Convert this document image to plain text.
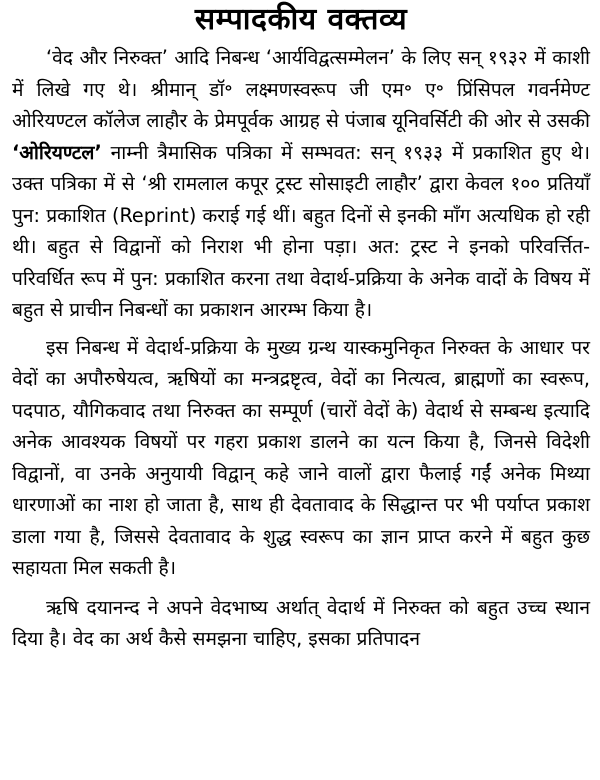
सम्पादकीय वक्तव्य

‘वेद और निरुक्त’ आदि निबन्ध ‘आर्यविद्वत्सम्मेलन’ के लिए सन् १९३२ में काशी में लिखे गए थे। श्रीमान् डॉ॰ लक्ष्मणस्वरूप जी एम॰ ए॰ प्रिंसिपल गवर्नमेण्ट ओरियण्टल कॉलेज लाहौर के प्रेमपूर्वक आग्रह से पंजाब यूनिवर्सिटी की ओर से उसकी ‘ओरियण्टल’ नाम्नी त्रैमासिक पत्रिका में सम्भवत: सन् १९३३ में प्रकाशित हुए थे। उक्त पत्रिका में से ‘श्री रामलाल कपूर ट्रस्ट सोसाइटी लाहौर’ द्वारा केवल १०० प्रतियाँ पुन: प्रकाशित (Reprint) कराई गई थीं। बहुत दिनों से इनकी माँग अत्यधिक हो रही थी। बहुत से विद्वानों को निराश भी होना पड़ा। अत: ट्रस्ट ने इनको परिवर्त्तित-परिवर्धित रूप में पुन: प्रकाशित करना तथा वेदार्थ-प्रक्रिया के अनेक वादों के विषय में बहुत से प्राचीन निबन्धों का प्रकाशन आरम्भ किया है।

इस निबन्ध में वेदार्थ-प्रक्रिया के मुख्य ग्रन्थ यास्कमुनिकृत निरुक्त के आधार पर वेदों का अपौरुषेयत्व, ऋषियों का मन्त्रद्रष्टृत्व, वेदों का नित्यत्व, ब्राह्मणों का स्वरूप, पदपाठ, यौगिकवाद तथा निरुक्त का सम्पूर्ण (चारों वेदों के) वेदार्थ से सम्बन्ध इत्यादि अनेक आवश्यक विषयों पर गहरा प्रकाश डालने का यत्न किया है, जिनसे विदेशी विद्वानों, वा उनके अनुयायी विद्वान् कहे जाने वालों द्वारा फैलाई गईं अनेक मिथ्या धारणाओं का नाश हो जाता है, साथ ही देवतावाद के सिद्धान्त पर भी पर्याप्त प्रकाश डाला गया है, जिससे देवतावाद के शुद्ध स्वरूप का ज्ञान प्राप्त करने में बहुत कुछ सहायता मिल सकती है।

ऋषि दयानन्द ने अपने वेदभाष्य अर्थात् वेदार्थ में निरुक्त को बहुत उच्च स्थान दिया है। वेद का अर्थ कैसे समझना चाहिए, इसका प्रतिपादन
